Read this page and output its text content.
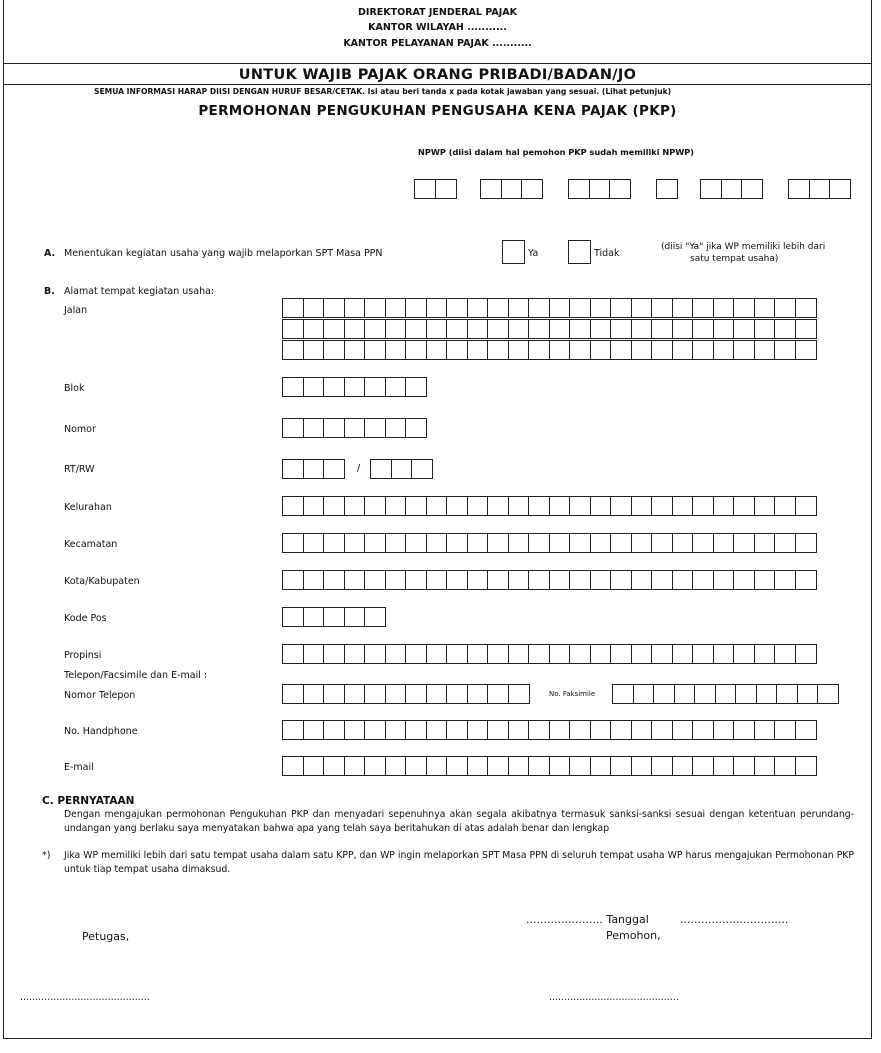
DIREKTORAT JENDERAL PAJAK
KANTOR WILAYAH ...........
KANTOR PELAYANAN PAJAK ...........
UNTUK WAJIB PAJAK ORANG PRIBADI/BADAN/JO
SEMUA INFORMASI HARAP DIISI DENGAN HURUF BESAR/CETAK. Isi atau beri tanda x pada kotak jawaban yang sesuai. (Lihat petunjuk)
PERMOHONAN PENGUKUHAN PENGUSAHA KENA PAJAK (PKP)
NPWP (diisi dalam hal pemohon PKP sudah memiliki NPWP)
A. Menentukan kegiatan usaha yang wajib melaporkan SPT Masa PPN	Ya	Tidak
(diisi "Ya" jika WP memiliki lebih dari
satu tempat usaha)
B. Alamat tempat kegiatan usaha:
Jalan
Blok
Nomor
RT/RW	/
Kelurahan
Kecamatan
Kota/Kabupaten
Kode Pos
Propinsi
Telepon/Facsimile dan E-mail :
Nomor Telepon	No. Faksimile
No. Handphone
E-mail
C. PERNYATAAN
Dengan mengajukan permohonan Pengukuhan PKP dan menyadari sepenuhnya akan segala akibatnya termasuk sanksi-sanksi sesuai dengan ketentuan perundang-undangan yang berlaku saya menyatakan bahwa apa yang telah saya beritahukan di atas adalah benar dan lengkap
*) Jika WP memiliki lebih dari satu tempat usaha dalam satu KPP, dan WP ingin melaporkan SPT Masa PPN di seluruh tempat usaha WP harus mengajukan Permohonan PKP untuk tiap tempat usaha dimaksud.
...................... Tanggal	...............................
Petugas,	Pemohon,
...........................................	...........................................
